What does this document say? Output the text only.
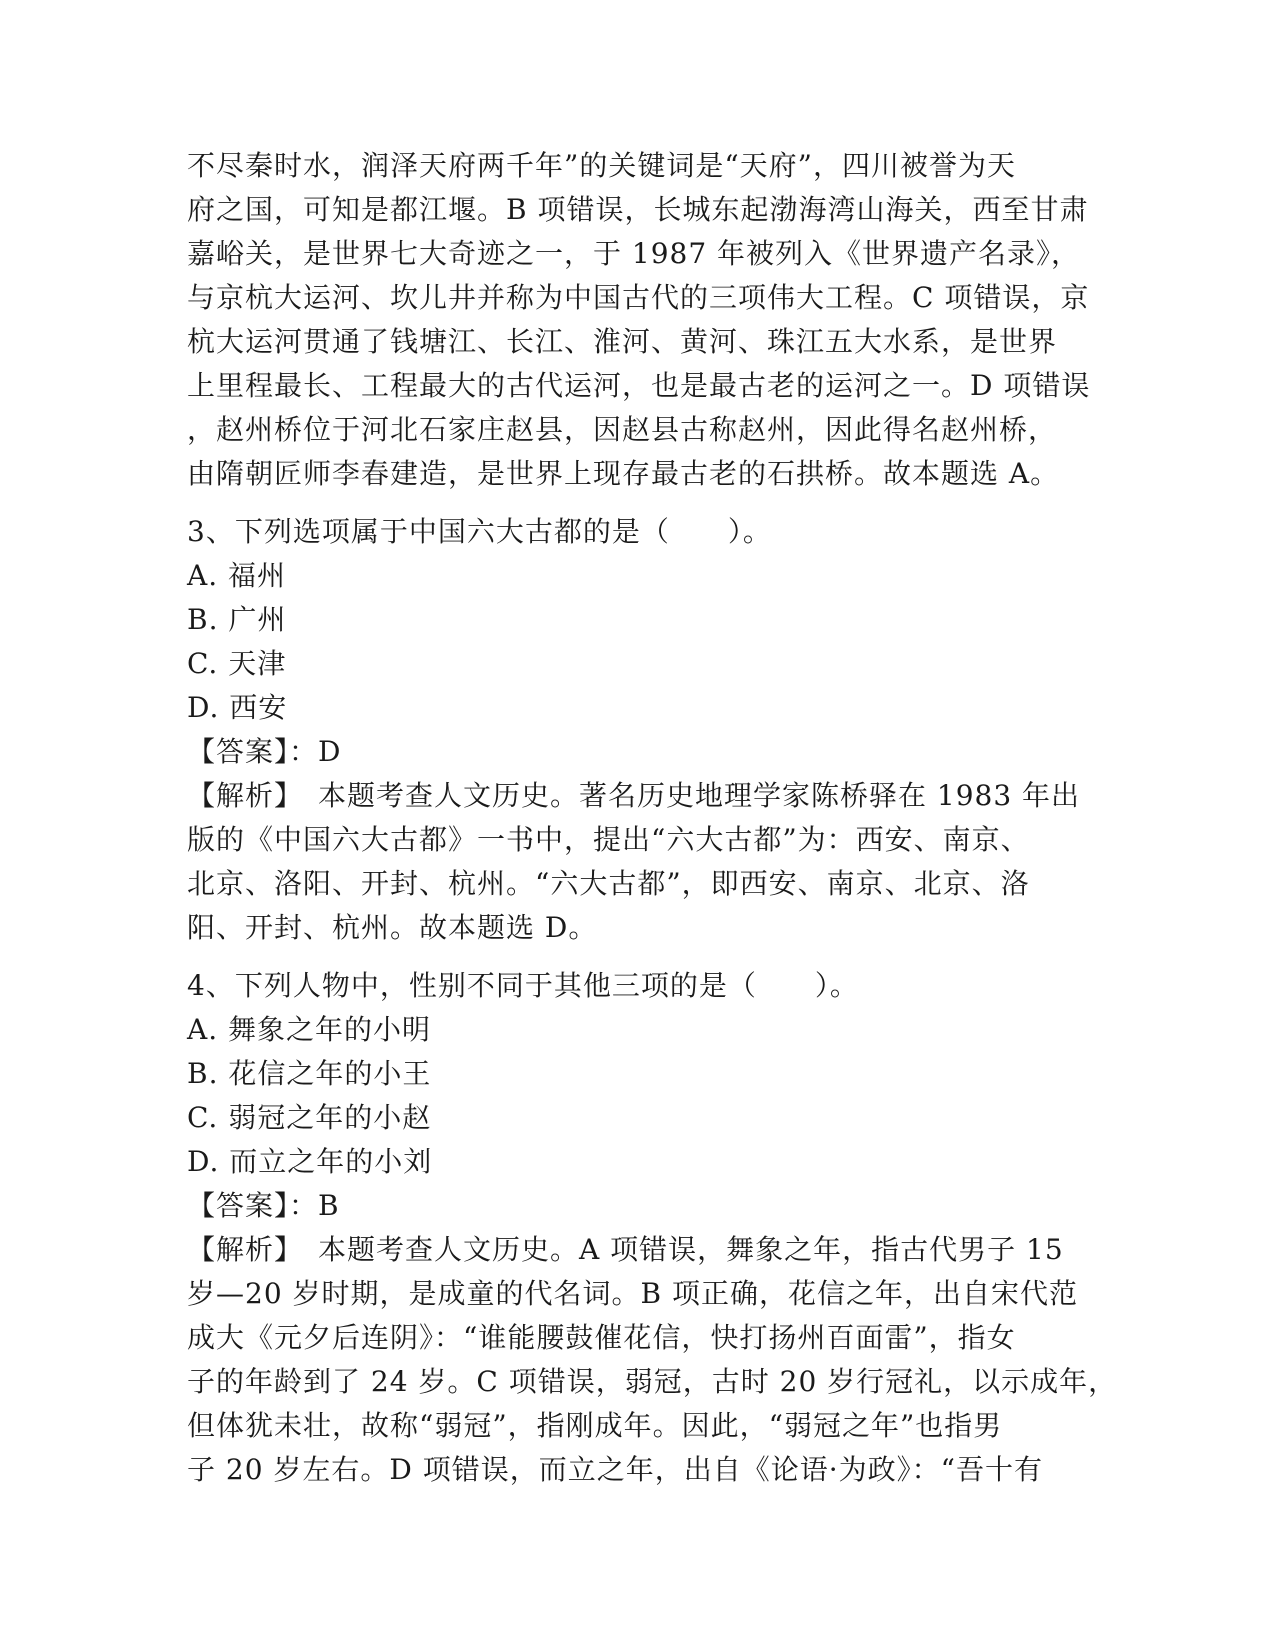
不尽秦时水，润泽天府两千年”的关键词是“天府”，四川被誉为天
府之国，可知是都江堰。B 项错误，长城东起渤海湾山海关，西至甘肃
嘉峪关，是世界七大奇迹之一，于 1987 年被列入《世界遗产名录》，
与京杭大运河、坎儿井并称为中国古代的三项伟大工程。C 项错误，京
杭大运河贯通了钱塘江、长江、淮河、黄河、珠江五大水系，是世界
上里程最长、工程最大的古代运河，也是最古老的运河之一。D 项错误
，赵州桥位于河北石家庄赵县，因赵县古称赵州，因此得名赵州桥，
由隋朝匠师李春建造，是世界上现存最古老的石拱桥。故本题选 A。
3、下列选项属于中国六大古都的是（　　）。
A. 福州
B. 广州
C. 天津
D. 西安
【答案】：D
【解析】　本题考查人文历史。著名历史地理学家陈桥驿在 1983 年出
版的《中国六大古都》一书中，提出“六大古都”为：西安、南京、
北京、洛阳、开封、杭州。“六大古都”，即西安、南京、北京、洛
阳、开封、杭州。故本题选 D。
4、下列人物中，性别不同于其他三项的是（　　）。
A. 舞象之年的小明
B. 花信之年的小王
C. 弱冠之年的小赵
D. 而立之年的小刘
【答案】：B
【解析】　本题考查人文历史。A 项错误，舞象之年，指古代男子 15
岁—20 岁时期，是成童的代名词。B 项正确，花信之年，出自宋代范
成大《元夕后连阴》：“谁能腰鼓催花信，快打扬州百面雷”，指女
子的年龄到了 24 岁。C 项错误，弱冠，古时 20 岁行冠礼，以示成年，
但体犹未壮，故称“弱冠”，指刚成年。因此，“弱冠之年”也指男
子 20 岁左右。D 项错误，而立之年，出自《论语·为政》：“吾十有
